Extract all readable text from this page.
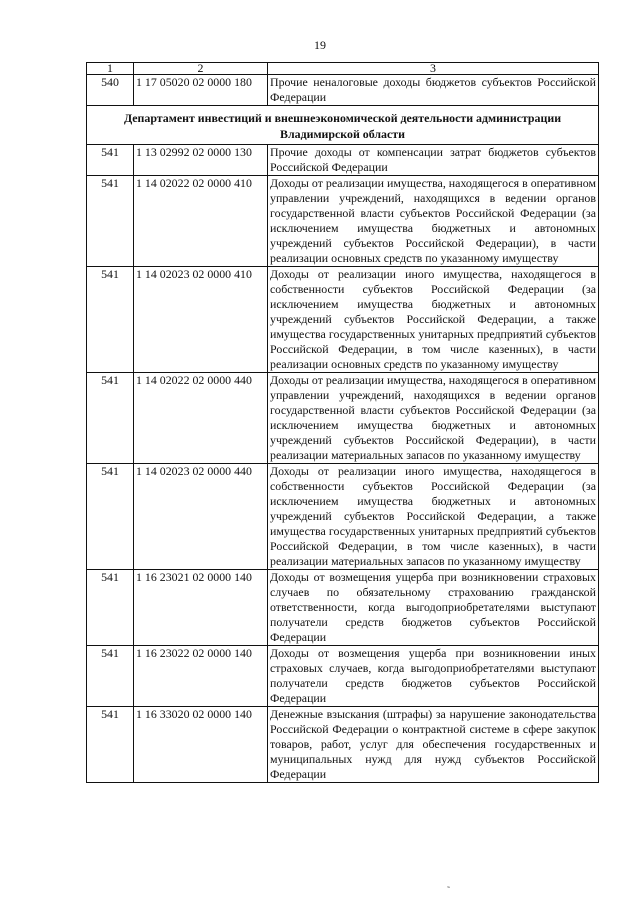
19
1	2	3
540	1 17 05020 02 0000 180	Прочие неналоговые доходы бюджетов субъектов Российской Федерации
Департамент инвестиций и внешнеэкономической деятельности администрации Владимирской области		
541	1 13 02992 02 0000 130	Прочие доходы от компенсации затрат бюджетов субъектов Российской Федерации
541	1 14 02022 02 0000 410	Доходы от реализации имущества, находящегося в оперативном управлении учреждений, находящихся в ведении органов государственной власти субъектов Российской Федерации (за исключением имущества бюджетных и автономных учреждений субъектов Российской Федерации), в части реализации основных средств по указанному имуществу
541	1 14 02023 02 0000 410	Доходы от реализации иного имущества, находящегося в собственности субъектов Российской Федерации (за исключением имущества бюджетных и автономных учреждений субъектов Российской Федерации, а также имущества государственных унитарных предприятий субъектов Российской Федерации, в том числе казенных), в части реализации основных средств по указанному имуществу
541	1 14 02022 02 0000 440	Доходы от реализации имущества, находящегося в оперативном управлении учреждений, находящихся в ведении органов государственной власти субъектов Российской Федерации (за исключением имущества бюджетных и автономных учреждений субъектов Российской Федерации), в части реализации материальных запасов по указанному имуществу
541	1 14 02023 02 0000 440	Доходы от реализации иного имущества, находящегося в собственности субъектов Российской Федерации (за исключением имущества бюджетных и автономных учреждений субъектов Российской Федерации, а также имущества государственных унитарных предприятий субъектов Российской Федерации, в том числе казенных), в части реализации материальных запасов по указанному имуществу
541	1 16 23021 02 0000 140	Доходы от возмещения ущерба при возникновении страховых случаев по обязательному страхованию гражданской ответственности, когда выгодоприобретателями выступают получатели средств бюджетов субъектов Российской Федерации
541	1 16 23022 02 0000 140	Доходы от возмещения ущерба при возникновении иных страховых случаев, когда выгодоприобретателями выступают получатели средств бюджетов субъектов Российской Федерации
541	1 16 33020 02 0000 140	Денежные взыскания (штрафы) за нарушение законодательства Российской Федерации о контрактной системе в сфере закупок товаров, работ, услуг для обеспечения государственных и муниципальных нужд для нужд субъектов Российской Федерации
˜
